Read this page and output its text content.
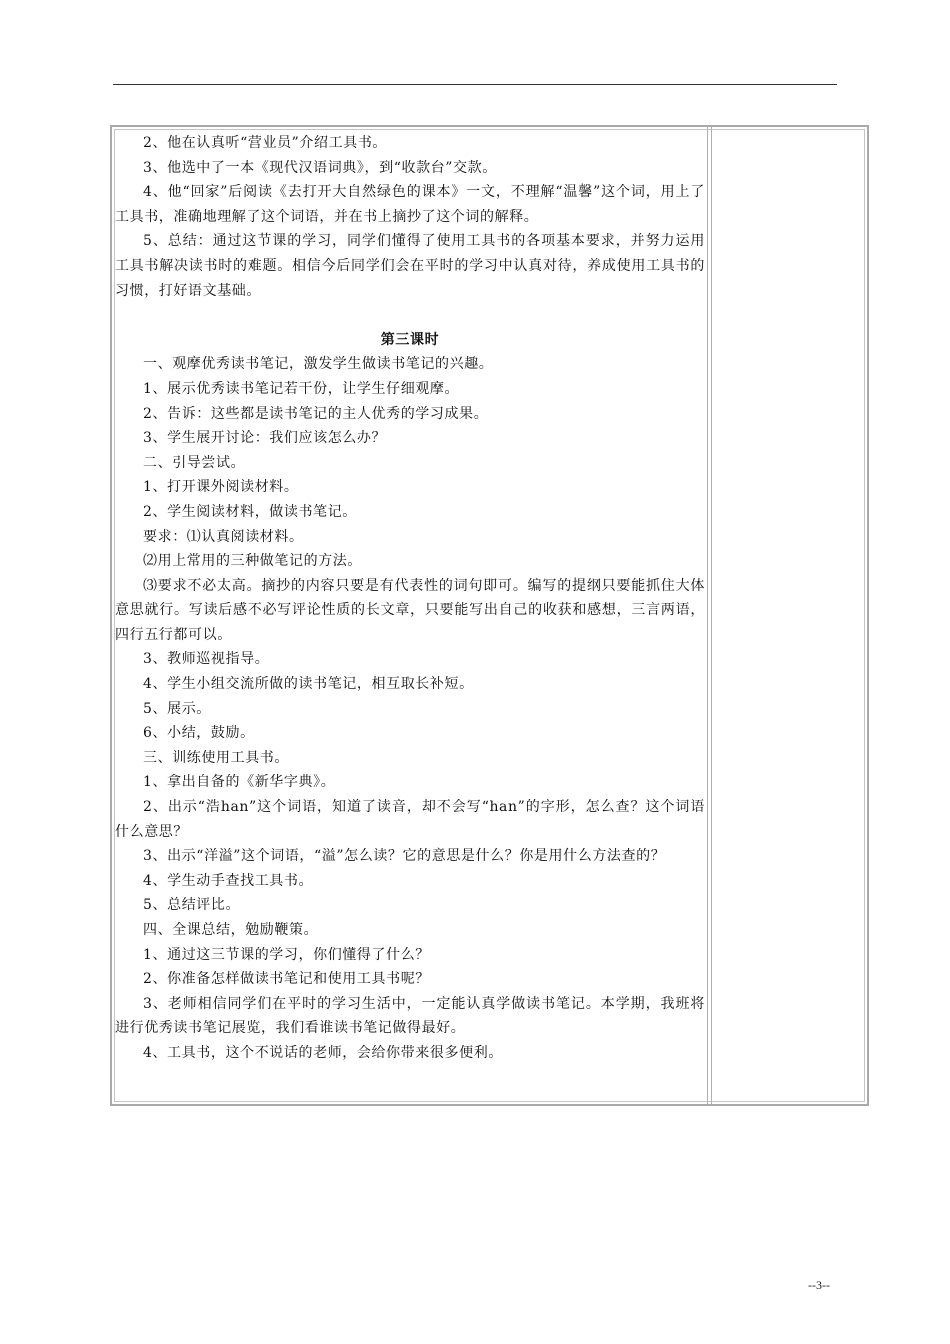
2、他在认真听“营业员”介绍工具书。

3、他选中了一本《现代汉语词典》，到“收款台”交款。

4、他“回家”后阅读《去打开大自然绿色的课本》一文，不理解“温馨”这个词，用上了工具书，准确地理解了这个词语，并在书上摘抄了这个词的解释。

5、总结：通过这节课的学习，同学们懂得了使用工具书的各项基本要求，并努力运用工具书解决读书时的难题。相信今后同学们会在平时的学习中认真对待，养成使用工具书的习惯，打好语文基础。

第三课时

一、观摩优秀读书笔记，激发学生做读书笔记的兴趣。

1、展示优秀读书笔记若干份，让学生仔细观摩。

2、告诉：这些都是读书笔记的主人优秀的学习成果。

3、学生展开讨论：我们应该怎么办？

二、引导尝试。

1、打开课外阅读材料。

2、学生阅读材料，做读书笔记。

要求：⑴认真阅读材料。

⑵用上常用的三种做笔记的方法。

⑶要求不必太高。摘抄的内容只要是有代表性的词句即可。编写的提纲只要能抓住大体意思就行。写读后感不必写评论性质的长文章，只要能写出自己的收获和感想，三言两语，四行五行都可以。

3、教师巡视指导。

4、学生小组交流所做的读书笔记，相互取长补短。

5、展示。

6、小结，鼓励。

三、训练使用工具书。

1、拿出自备的《新华字典》。

2、出示“浩han”这个词语，知道了读音，却不会写“han”的字形，怎么查？这个词语什么意思？

3、出示“洋溢”这个词语，“溢”怎么读？它的意思是什么？你是用什么方法查的？

4、学生动手查找工具书。

5、总结评比。

四、全课总结，勉励鞭策。

1、通过这三节课的学习，你们懂得了什么？

2、你准备怎样做读书笔记和使用工具书呢？

3、老师相信同学们在平时的学习生活中，一定能认真学做读书笔记。本学期，我班将进行优秀读书笔记展览，我们看谁读书笔记做得最好。

4、工具书，这个不说话的老师，会给你带来很多便利。

--3--
